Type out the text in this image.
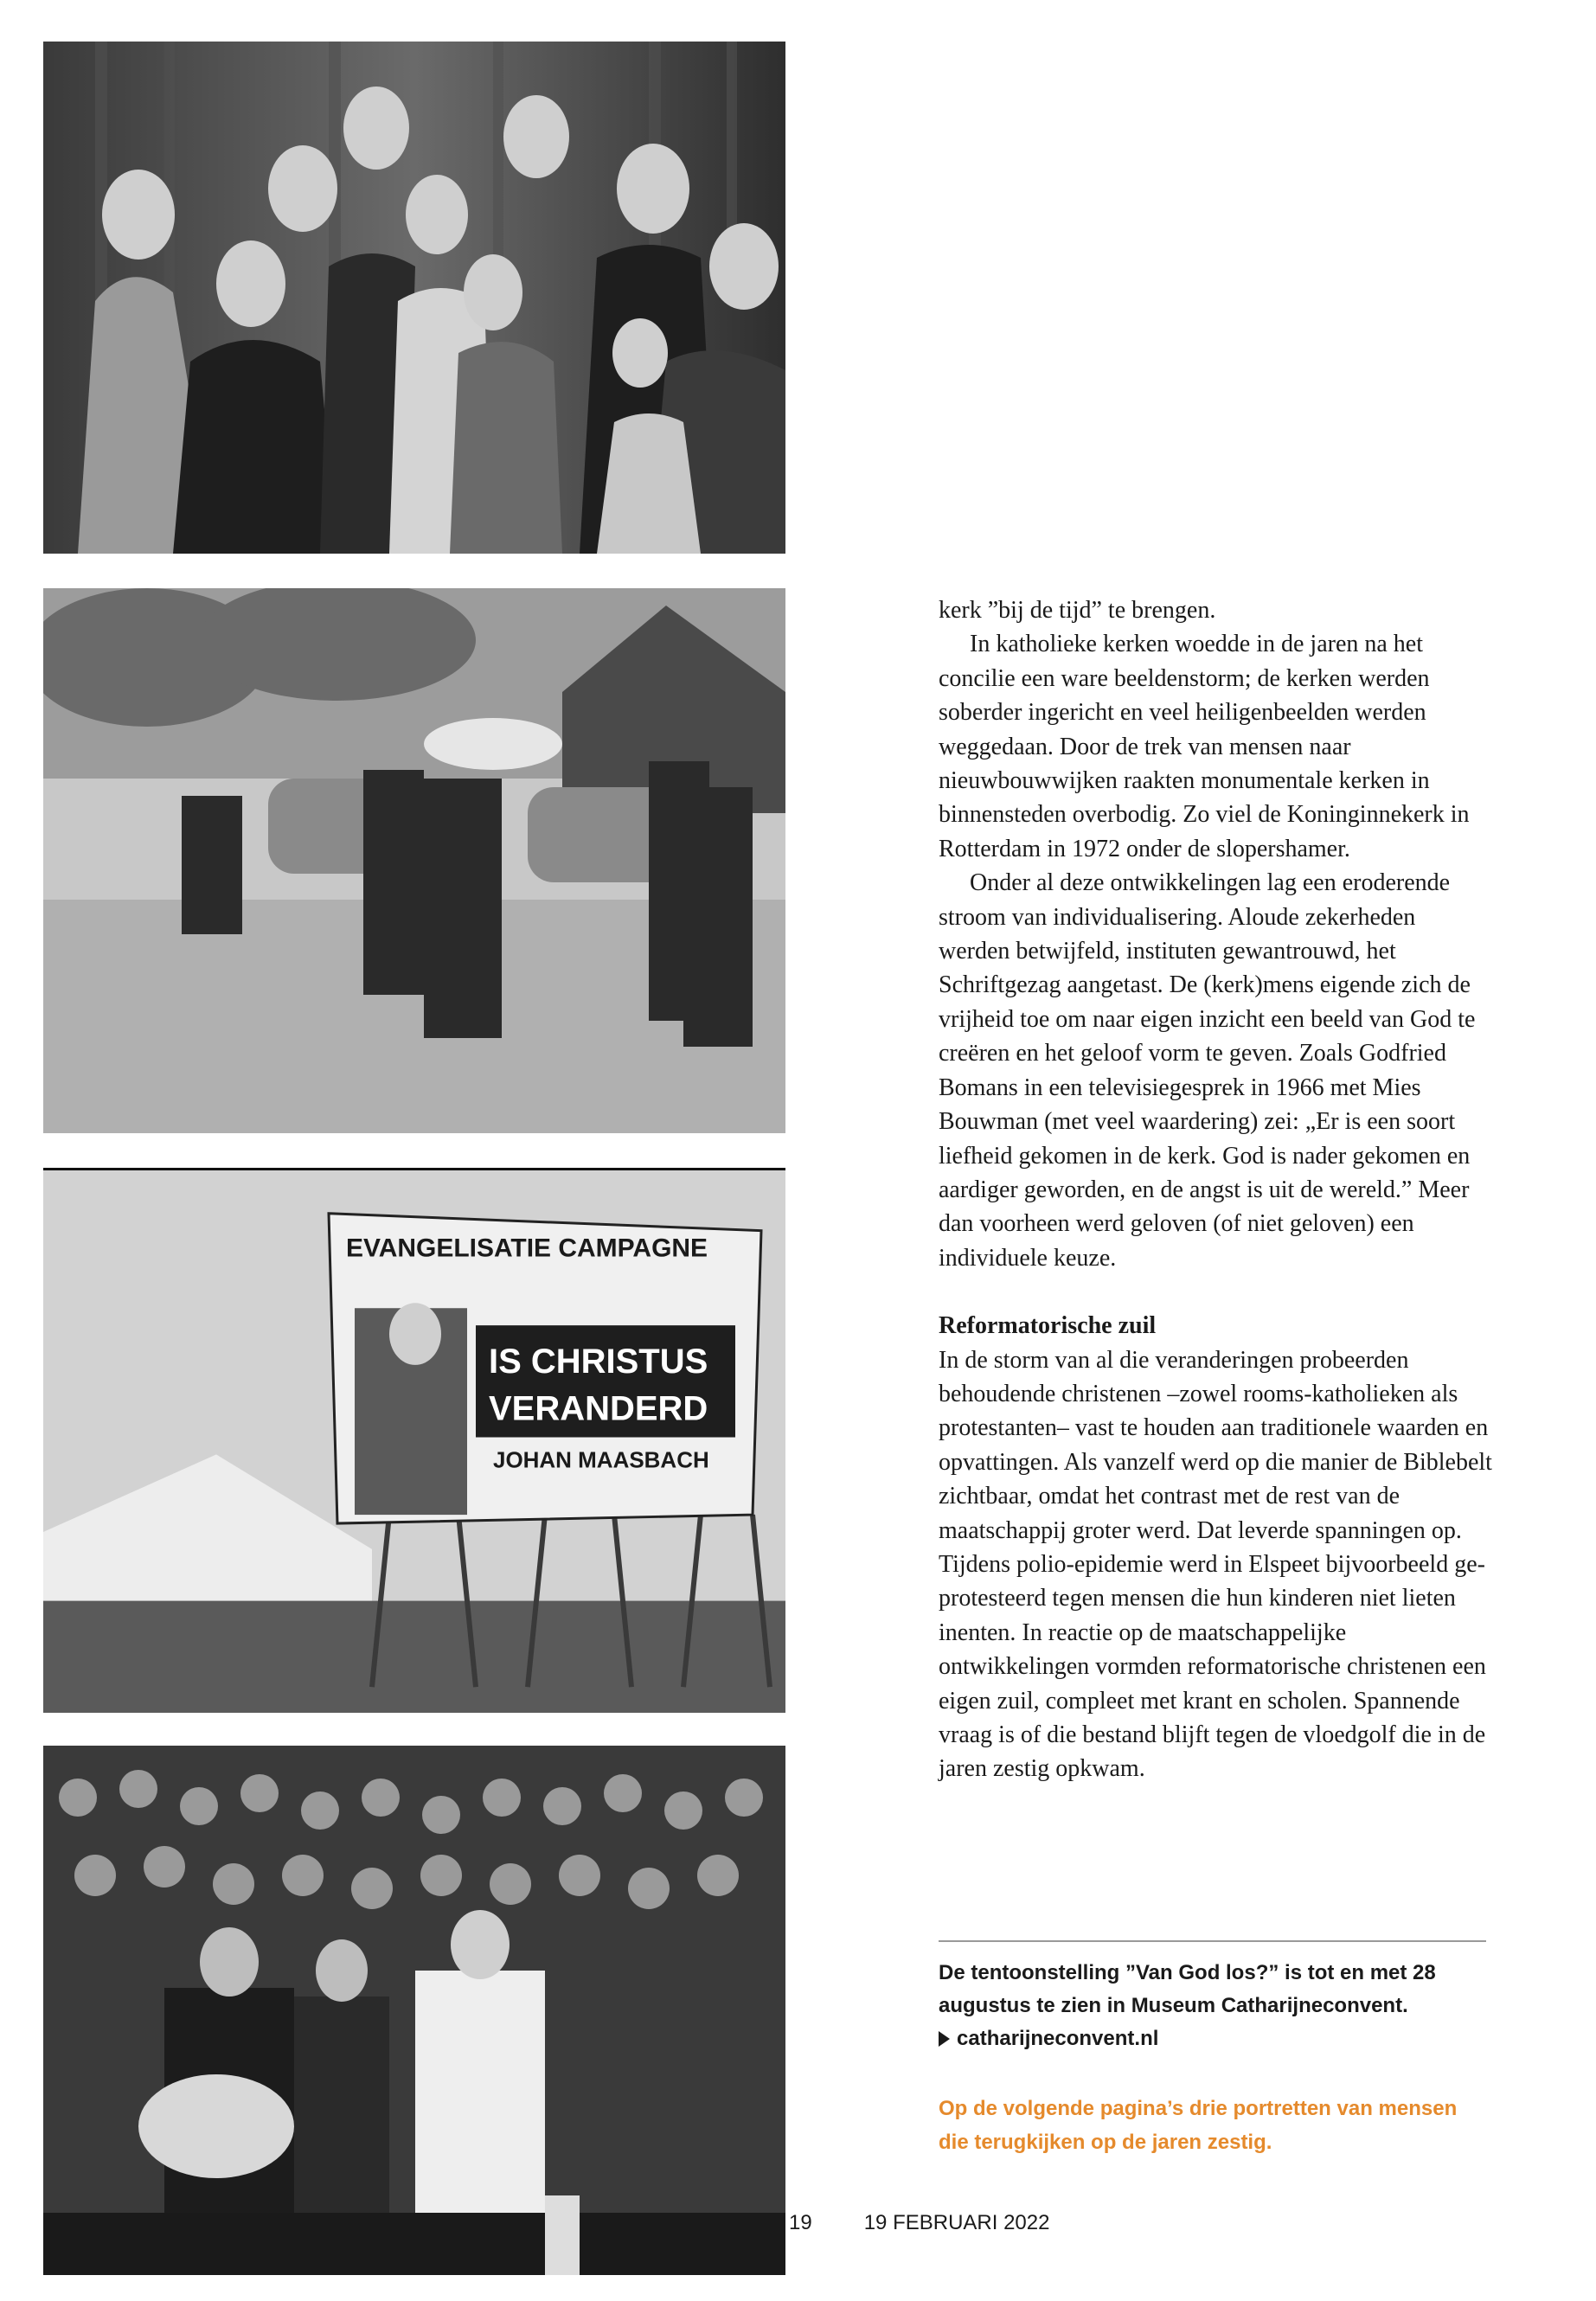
EVANGELISATIE CAMPAGNE
IS CHRISTUS
VERANDERD
JOHAN MAASBACH

kerk ”bij de tijd” te brengen.

In katholieke kerken woedde in de jaren na het concilie een ware beeldenstorm; de kerken werden soberder ingericht en veel heiligenbeelden werden weggedaan. Door de trek van mensen naar nieuwbouwwijken raakten monumentale kerken in binnensteden overbodig. Zo viel de Koninginnekerk in Rotterdam in 1972 onder de slopershamer.

Onder al deze ontwikkelingen lag een eroderende stroom van individualisering. Aloude zekerheden werden betwijfeld, instituten gewantrouwd, het Schriftgezag aangetast. De (kerk)mens eigende zich de vrijheid toe om naar eigen inzicht een beeld van God te creëren en het geloof vorm te geven. Zoals Godfried Bomans in een televisiegesprek in 1966 met Mies Bouwman (met veel waardering) zei: „Er is een soort liefheid gekomen in de kerk. God is nader gekomen en aardiger geworden, en de angst is uit de wereld.” Meer dan voorheen werd geloven (of niet geloven) een individuele keuze.

Reformatorische zuil

In de storm van al die veranderingen probeerden behoudende christenen –zowel rooms-katholieken als protestanten– vast te houden aan traditionele waarden en opvattingen. Als vanzelf werd op die manier de Biblebelt zichtbaar, omdat het contrast met de rest van de maatschappij groter werd. Dat leverde spanningen op. Tijdens polio-epidemie werd in Elspeet bijvoorbeeld geprotesteerd tegen mensen die hun kinderen niet lieten inenten. In reactie op de maatschappelijke ontwikkelingen vormden reformatorische christenen een eigen zuil, compleet met krant en scholen. Spannende vraag is of die bestand blijft tegen de vloedgolf die in de jaren zestig opkwam.

De tentoonstelling ”Van God los?” is tot en met 28 augustus te zien in Museum Catharijneconvent.
catharijneconvent.nl
Op de volgende pagina’s drie portretten van mensen die terugkijken op de jaren zestig.
19	19 FEBRUARI 2022
